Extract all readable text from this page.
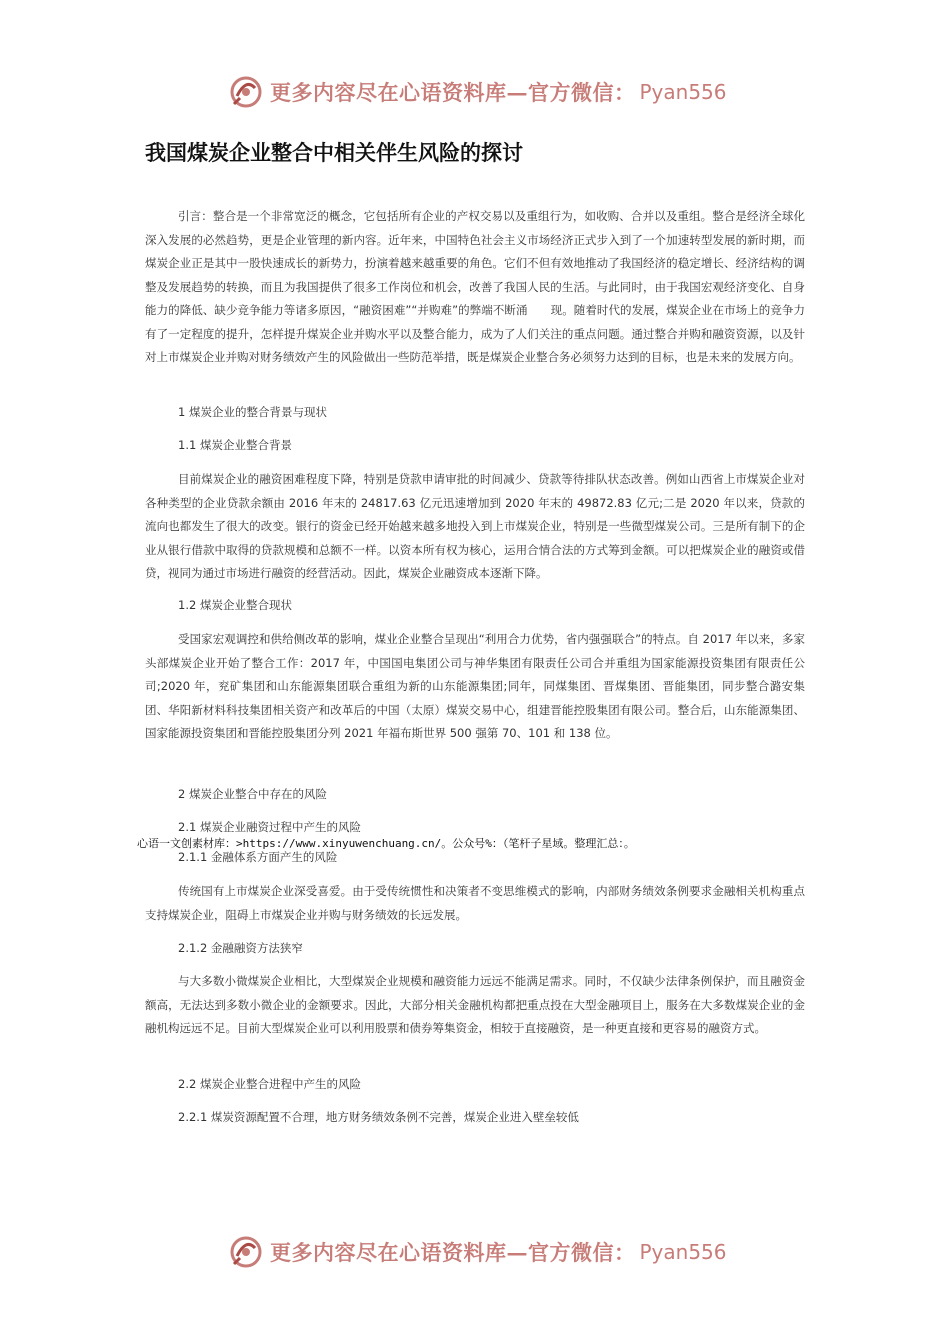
更多内容尽在心语资料库—官方微信： Pyan556
我国煤炭企业整合中相关伴生风险的探讨

引言：整合是一个非常宽泛的概念，它包括所有企业的产权交易以及重组行为，如收购、合并以及重组。整合是经济全球化深入发展的必然趋势，更是企业管理的新内容。近年来，中国特色社会主义市场经济正式步入到了一个加速转型发展的新时期，而煤炭企业正是其中一股快速成长的新势力，扮演着越来越重要的角色。它们不但有效地推动了我国经济的稳定增长、经济结构的调整及发展趋势的转换，而且为我国提供了很多工作岗位和机会，改善了我国人民的生活。与此同时，由于我国宏观经济变化、自身能力的降低、缺少竞争能力等诸多原因，“融资困难”“并购难”的弊端不断涌　　现。随着时代的发展，煤炭企业在市场上的竞争力有了一定程度的提升，怎样提升煤炭企业并购水平以及整合能力，成为了人们关注的重点问题。通过整合并购和融资资源，以及针对上市煤炭企业并购对财务绩效产生的风险做出一些防范举措，既是煤炭企业整合务必须努力达到的目标，也是未来的发展方向。

1 煤炭企业的整合背景与现状
1.1 煤炭企业整合背景

目前煤炭企业的融资困难程度下降，特别是贷款申请审批的时间减少、贷款等待排队状态改善。例如山西省上市煤炭企业对各种类型的企业贷款余额由 2016 年末的 24817.63 亿元迅速增加到 2020 年末的 49872.83 亿元;二是 2020 年以来，贷款的流向也都发生了很大的改变。银行的资金已经开始越来越多地投入到上市煤炭企业，特别是一些微型煤炭公司。三是所有制下的企业从银行借款中取得的贷款规模和总额不一样。以资本所有权为核心，运用合情合法的方式筹到金额。可以把煤炭企业的融资或借贷，视同为通过市场进行融资的经营活动。因此，煤炭企业融资成本逐渐下降。

1.2 煤炭企业整合现状

受国家宏观调控和供给侧改革的影响，煤业企业整合呈现出“利用合力优势，省内强强联合”的特点。自 2017 年以来，多家头部煤炭企业开始了整合工作：2017 年，中国国电集团公司与神华集团有限责任公司合并重组为国家能源投资集团有限责任公司;2020 年，兖矿集团和山东能源集团联合重组为新的山东能源集团;同年，同煤集团、晋煤集团、晋能集团，同步整合潞安集团、华阳新材料科技集团相关资产和改革后的中国（太原）煤炭交易中心，组建晋能控股集团有限公司。整合后，山东能源集团、国家能源投资集团和晋能控股集团分列 2021 年福布斯世界 500 强第 70、101 和 138 位。

2 煤炭企业整合中存在的风险
2.1 煤炭企业融资过程中产生的风险
心语一文创素材库：>https://www.xinyuwenchuang.cn/。公众号%：（笔杆子星域。整理汇总：。
2.1.1 金融体系方面产生的风险

传统国有上市煤炭企业深受喜爱。由于受传统惯性和决策者不变思维模式的影响，内部财务绩效条例要求金融相关机构重点支持煤炭企业，阻碍上市煤炭企业并购与财务绩效的长远发展。

2.1.2 金融融资方法狭窄

与大多数小微煤炭企业相比，大型煤炭企业规模和融资能力远远不能满足需求。同时，不仅缺少法律条例保护，而且融资金额高，无法达到多数小微企业的金额要求。因此，大部分相关金融机构都把重点投在大型金融项目上，服务在大多数煤炭企业的金融机构远远不足。目前大型煤炭企业可以利用股票和债券筹集资金，相较于直接融资，是一种更直接和更容易的融资方式。

2.2 煤炭企业整合进程中产生的风险
2.2.1 煤炭资源配置不合理，地方财务绩效条例不完善，煤炭企业进入壁垒较低
更多内容尽在心语资料库—官方微信： Pyan556
